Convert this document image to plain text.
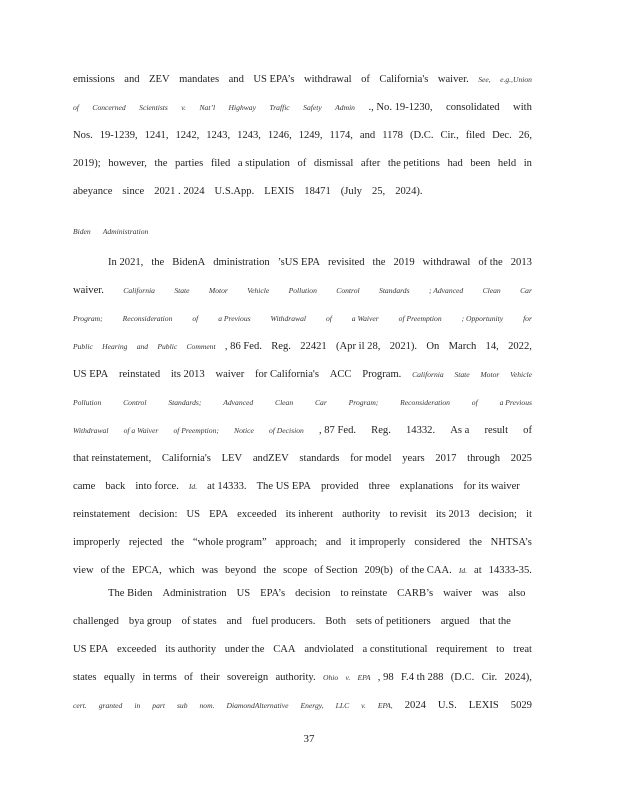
emissions and ZEV mandates and US EPA’s withdrawal of California's waiver. See, e.g.,Union
of Concerned Scientists v. Nat’l Highway Traffic Safety Admin ., No. 19-1230, consolidated with
Nos. 19-1239, 1241, 1242, 1243, 1243, 1246, 1249, 1174, and 1178 (D.C. Cir., filed Dec. 26,
2019); however, the parties filed a stipulation of dismissal after the petitions had been held in
abeyance since 2021 . 2024 U.S.App. LEXIS 18471 (July 25, 2024).
Biden Administration
In 2021, the BidenA dministration ’sUS EPA revisited the 2019 withdrawal of the 2013
waiver.	California	State	Motor	Vehicle	Pollution	Control	Standards	; Advanced	Clean	Car
Program;	Reconsideration	of	a Previous	Withdrawal	of	a Waiver	of Preemption	; Opportunity	for
Public Hearing and Public Comment , 86 Fed. Reg. 22421 (Apr il 28, 2021). On March 14, 2022,
US EPA reinstated its 2013 waiver for California's ACC Program. California State Motor Vehicle
Pollution	Control	Standards;	Advanced	Clean	Car	Program;	Reconsideration	of	a Previous
Withdrawal of a Waiver of Preemption; Notice of Decision , 87 Fed. Reg. 14332. As a result of
that reinstatement, California's LEV andZEV standards for model years 2017 through 2025
came back into force. Id. at 14333. The US EPA provided three explanations for its waiver
reinstatement decision: US EPA exceeded its inherent authority to revisit its 2013 decision; it
improperly rejected the “whole program” approach; and it improperly considered the NHTSA’s
view of the EPCA, which was beyond the scope of Section 209(b) of the CAA. Id. at 14333-35.
The Biden Administration US EPA’s decision to reinstate CARB’s waiver was also
challenged bya group of states and fuel producers. Both sets of petitioners argued that the
US EPA exceeded its authority under the CAA andviolated a constitutional requirement to treat
states equally in terms of their sovereign authority. Ohio v. EPA , 98 F.4 th 288 (D.C. Cir. 2024),
cert. granted in part sub nom. DiamondAlternative Energy, LLC v. EPA, 2024 U.S. LEXIS 5029
37
